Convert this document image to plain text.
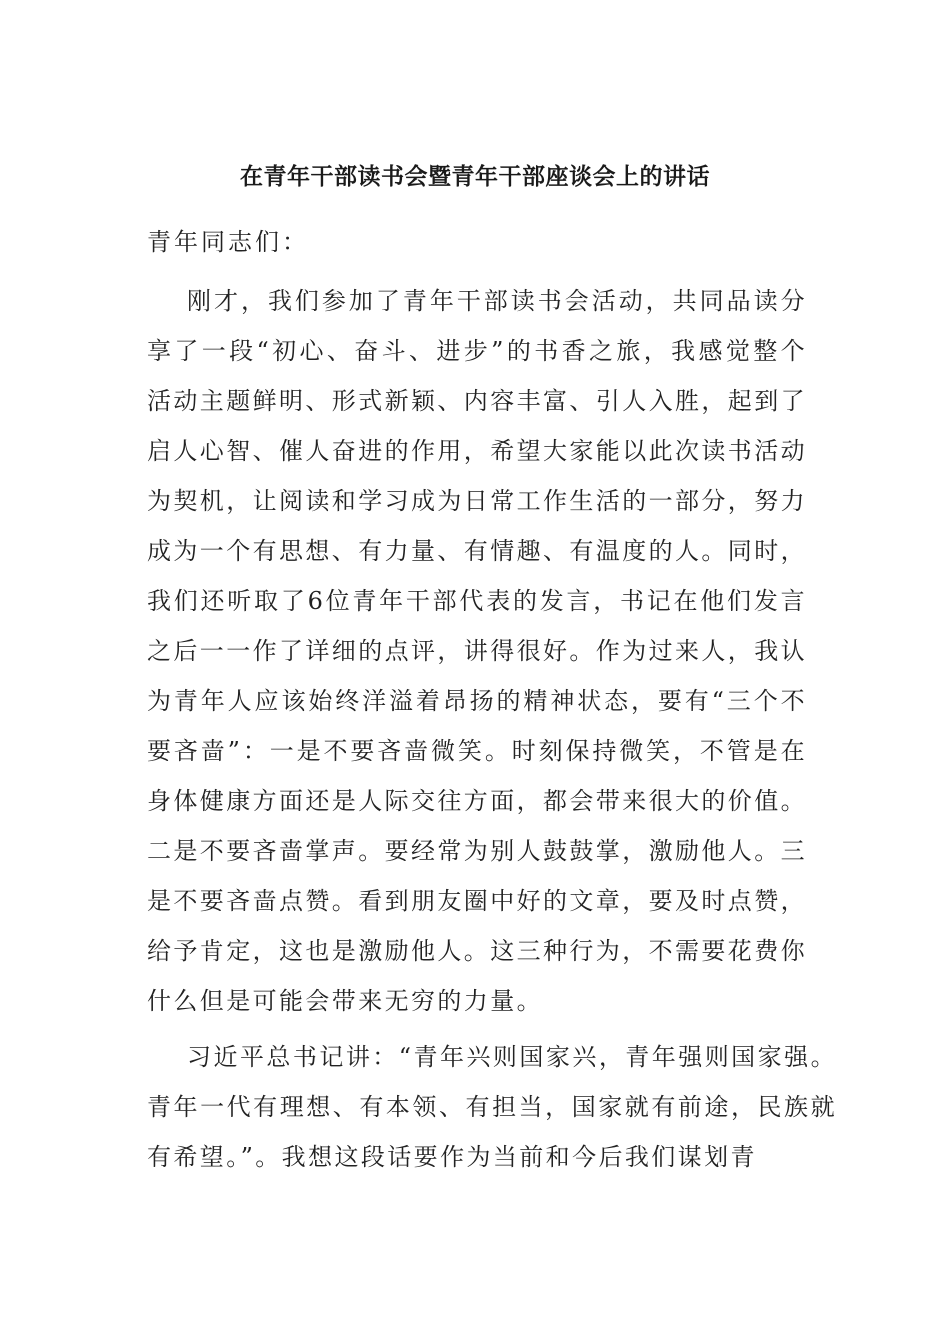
在青年干部读书会暨青年干部座谈会上的讲话

青年同志们：

刚才，我们参加了青年干部读书会活动，共同品读分享了一段“初心、奋斗、进步”的书香之旅，我感觉整个活动主题鲜明、形式新颖、内容丰富、引人入胜，起到了启人心智、催人奋进的作用，希望大家能以此次读书活动为契机，让阅读和学习成为日常工作生活的一部分，努力成为一个有思想、有力量、有情趣、有温度的人。同时，我们还听取了6位青年干部代表的发言，书记在他们发言之后一一作了详细的点评，讲得很好。作为过来人，我认为青年人应该始终洋溢着昂扬的精神状态，要有“三个不要吝啬”：一是不要吝啬微笑。时刻保持微笑，不管是在身体健康方面还是人际交往方面，都会带来很大的价值。二是不要吝啬掌声。要经常为别人鼓鼓掌，激励他人。三是不要吝啬点赞。看到朋友圈中好的文章，要及时点赞，给予肯定，这也是激励他人。这三种行为，不需要花费你什么但是可能会带来无穷的力量。

习近平总书记讲：“青年兴则国家兴，青年强则国家强。青年一代有理想、有本领、有担当，国家就有前途，民族就有希望。”。我想这段话要作为当前和今后我们谋划青
